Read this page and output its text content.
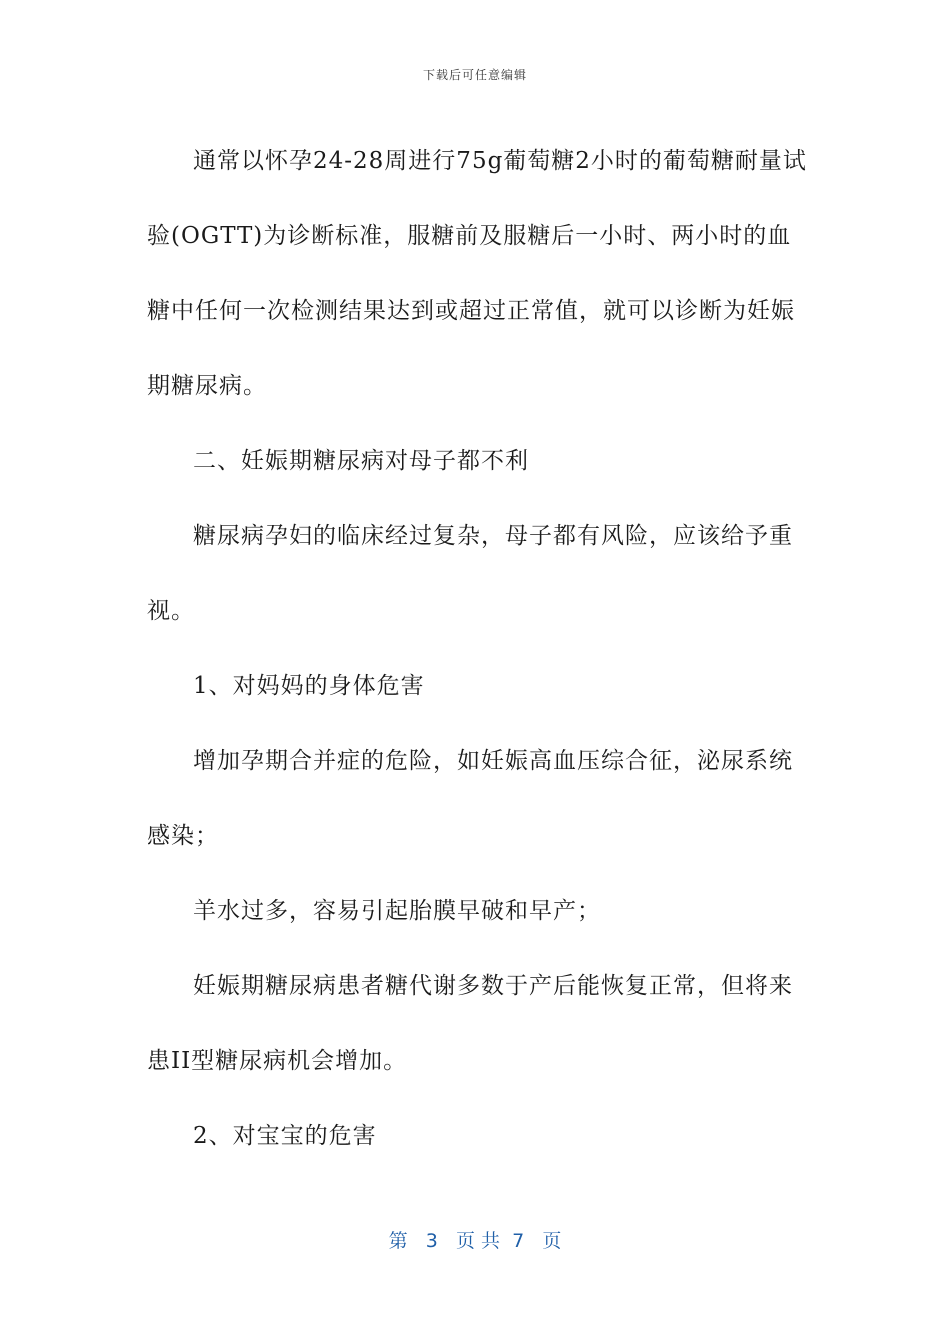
下载后可任意编辑

通常以怀孕24-28周进行75g葡萄糖2小时的葡萄糖耐量试验(OGTT)为诊断标准，服糖前及服糖后一小时、两小时的血糖中任何一次检测结果达到或超过正常值，就可以诊断为妊娠期糖尿病。

二、妊娠期糖尿病对母子都不利

糖尿病孕妇的临床经过复杂，母子都有风险，应该给予重视。

1、对妈妈的身体危害

增加孕期合并症的危险，如妊娠高血压综合征，泌尿系统感染；

羊水过多，容易引起胎膜早破和早产；

妊娠期糖尿病患者糖代谢多数于产后能恢复正常，但将来患II型糖尿病机会增加。

2、对宝宝的危害

第 3 页 共 7 页
